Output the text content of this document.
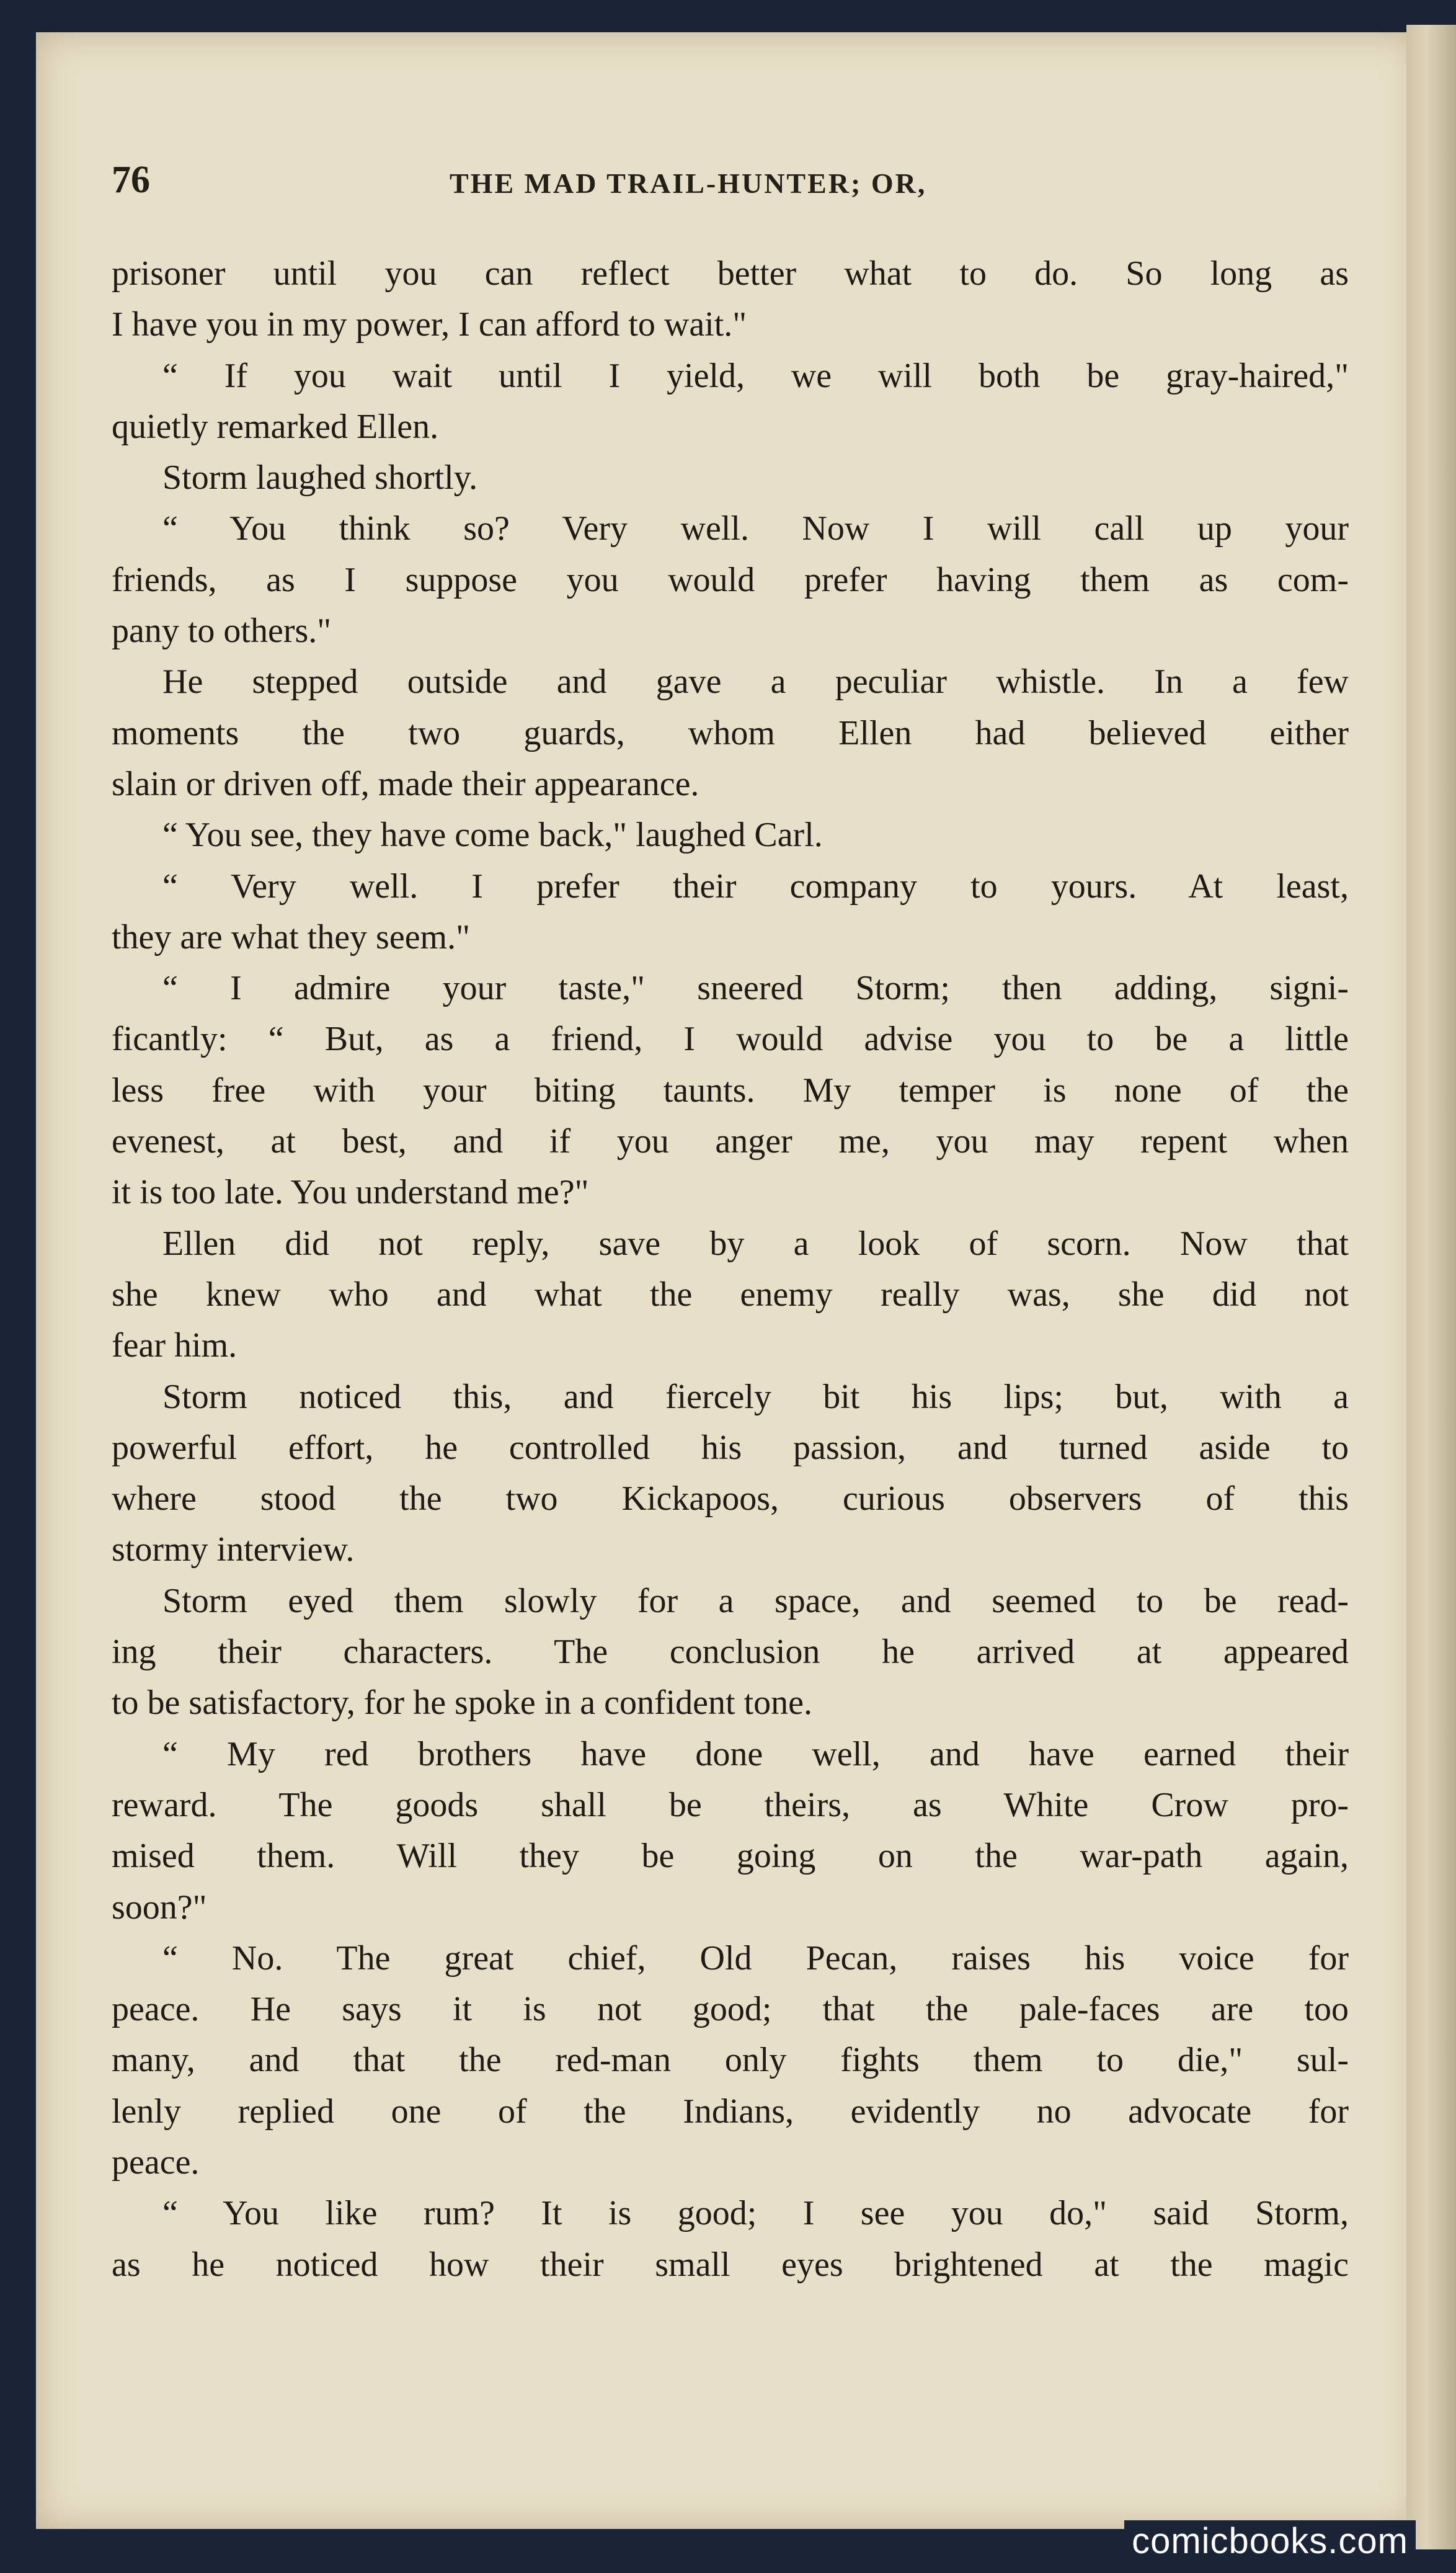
76	THE MAD TRAIL-HUNTER; OR,
prisoner until you can reflect better what to do. So long as
I have you in my power, I can afford to wait."
“ If you wait until I yield, we will both be gray-haired,"
quietly remarked Ellen.
Storm laughed shortly.
“ You think so? Very well. Now I will call up your
friends, as I suppose you would prefer having them as com-
pany to others."
He stepped outside and gave a peculiar whistle. In a few
moments the two guards, whom Ellen had believed either
slain or driven off, made their appearance.
“ You see, they have come back," laughed Carl.
“ Very well. I prefer their company to yours. At least,
they are what they seem."
“ I admire your taste," sneered Storm; then adding, signi-
ficantly: “ But, as a friend, I would advise you to be a little
less free with your biting taunts. My temper is none of the
evenest, at best, and if you anger me, you may repent when
it is too late. You understand me?"
Ellen did not reply, save by a look of scorn. Now that
she knew who and what the enemy really was, she did not
fear him.
Storm noticed this, and fiercely bit his lips; but, with a
powerful effort, he controlled his passion, and turned aside to
where stood the two Kickapoos, curious observers of this
stormy interview.
Storm eyed them slowly for a space, and seemed to be read-
ing their characters. The conclusion he arrived at appeared
to be satisfactory, for he spoke in a confident tone.
“ My red brothers have done well, and have earned their
reward. The goods shall be theirs, as White Crow pro-
mised them. Will they be going on the war-path again,
soon?"
“ No. The great chief, Old Pecan, raises his voice for
peace. He says it is not good; that the pale-faces are too
many, and that the red-man only fights them to die," sul-
lenly replied one of the Indians, evidently no advocate for
peace.
“ You like rum? It is good; I see you do," said Storm,
as he noticed how their small eyes brightened at the magic
comicbooks.com
